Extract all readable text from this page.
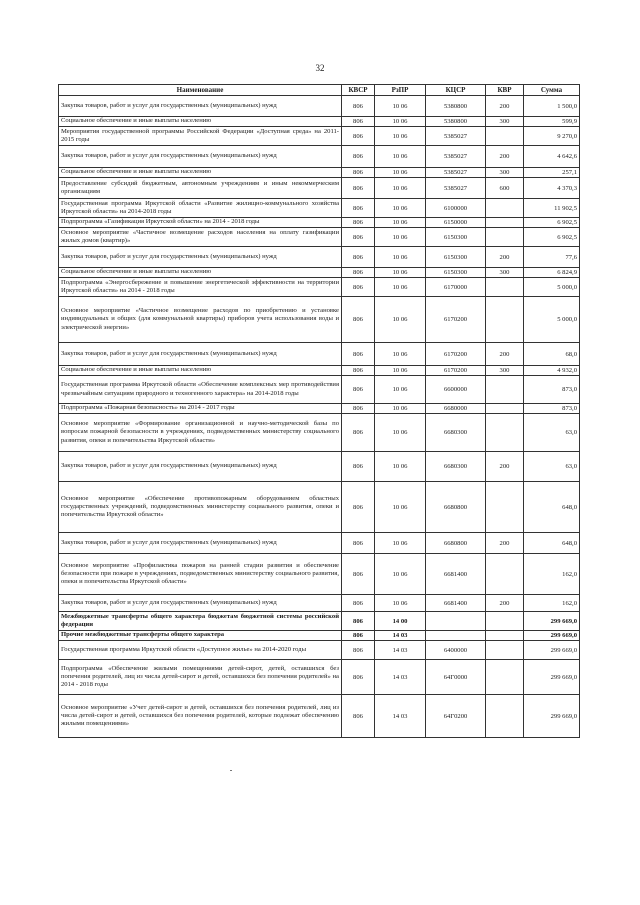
32
Наименование	КВСР	РзПР	КЦСР	КВР	Сумма
Закупка товаров, работ и услуг для государственных (муниципальных) нужд	806	10 06	5380800	200	1 500,0
Социальное обеспечение и иные выплаты населению	806	10 06	5380800	300	599,9
Мероприятия государственной программы Российской Федерации «Доступная среда» на 2011-2015 годы	806	10 06	5385027		9 270,0
Закупка товаров, работ и услуг для государственных (муниципальных) нужд	806	10 06	5385027	200	4 642,6
Социальное обеспечение и иные выплаты населению	806	10 06	5385027	300	257,1
Предоставление субсидий бюджетным, автономным учреждениям и иным некоммерческим организациям	806	10 06	5385027	600	4 370,3
Государственная программа Иркутской области «Развитие жилищно-коммунального хозяйства Иркутской области» на 2014-2018 годы	806	10 06	6100000		11 902,5
Подпрограмма «Газификация Иркутской области» на 2014 - 2018 годы	806	10 06	6150000		6 902,5
Основное мероприятие «Частичное возмещение расходов населения на оплату газификации жилых домов (квартир)»	806	10 06	6150300		6 902,5
Закупка товаров, работ и услуг для государственных (муниципальных) нужд	806	10 06	6150300	200	77,6
Социальное обеспечение и иные выплаты населению	806	10 06	6150300	300	6 824,9
Подпрограмма «Энергосбережение и повышение энергетической эффективности на территории Иркутской области» на 2014 - 2018 годы	806	10 06	6170000		5 000,0
Основное мероприятие «Частичное возмещение расходов по приобретению и установке индивидуальных и общих (для коммунальной квартиры) приборов учета использования воды и электрической энергии»	806	10 06	6170200		5 000,0
Закупка товаров, работ и услуг для государственных (муниципальных) нужд	806	10 06	6170200	200	68,0
Социальное обеспечение и иные выплаты населению	806	10 06	6170200	300	4 932,0
Государственная программа Иркутской области «Обеспечение комплексных мер противодействия чрезвычайным ситуациям природного и техногенного характера» на 2014-2018 годы	806	10 06	6600000		873,0
Подпрограмма «Пожарная безопасность» на 2014 - 2017 годы	806	10 06	6680000		873,0
Основное мероприятие «Формирование организационной и научно-методической базы по вопросам пожарной безопасности в учреждениях, подведомственных министерству социального развития, опеки и попечительства Иркутской области»	806	10 06	6680300		63,0
Закупка товаров, работ и услуг для государственных (муниципальных) нужд	806	10 06	6680300	200	63,0
Основное мероприятие «Обеспечение противопожарным оборудованием областных государственных учреждений, подведомственных министерству социального развития, опеки и попечительства Иркутской области»	806	10 06	6680800		648,0
Закупка товаров, работ и услуг для государственных (муниципальных) нужд	806	10 06	6680800	200	648,0
Основное мероприятие «Профилактика пожаров на ранней стадии развития и обеспечение безопасности при пожаре в учреждениях, подведомственных министерству социального развития, опеки и попечительства Иркутской области»	806	10 06	6681400		162,0
Закупка товаров, работ и услуг для государственных (муниципальных) нужд	806	10 06	6681400	200	162,0
Межбюджетные трансферты общего характера бюджетам бюджетной системы российской федерации	806	14 00			299 669,0
Прочие межбюджетные трансферты общего характера	806	14 03			299 669,0
Государственная программа Иркутской области «Доступное жилье» на 2014-2020 годы	806	14 03	6400000		299 669,0
Подпрограмма «Обеспечение жилыми помещениями детей-сирот, детей, оставшихся без попечения родителей, лиц из числа детей-сирот и детей, оставшихся без попечения родителей» на 2014 - 2018 годы	806	14 03	64Г0000		299 669,0
Основное мероприятие «Учет детей-сирот и детей, оставшихся без попечения родителей, лиц из числа детей-сирот и детей, оставшихся без попечения родителей, которые подлежат обеспечению жилыми помещениями»	806	14 03	64Г0200		299 669,0
